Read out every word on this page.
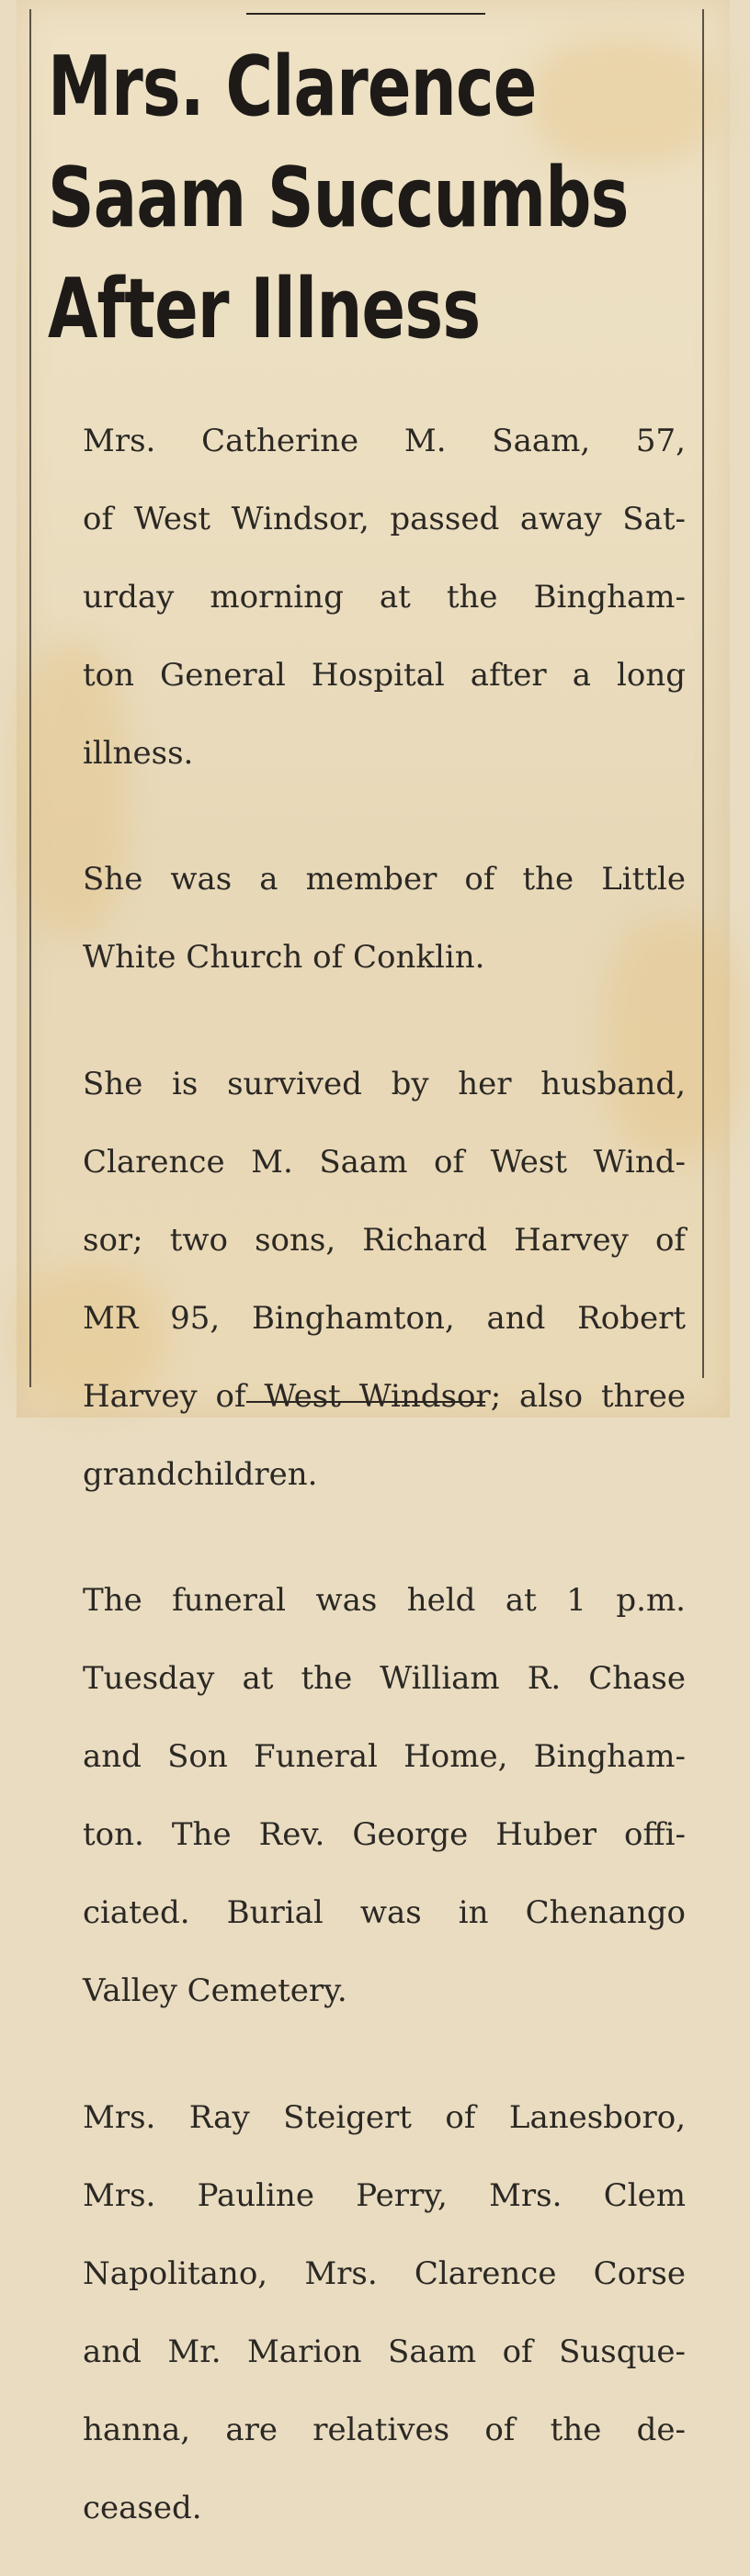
Mrs. Clarence
Saam Succumbs
After Illness

Mrs. Catherine M. Saam, 57,

of West Windsor, passed away Sat-

urday morning at the Bingham-

ton General Hospital after a long

illness.

She was a member of the Little

White Church of Conklin.

She is survived by her husband,

Clarence M. Saam of West Wind-

sor; two sons, Richard Harvey of

MR 95, Binghamton, and Robert

Harvey of West Windsor; also three

grandchildren.

The funeral was held at 1 p.m.

Tuesday at the William R. Chase

and Son Funeral Home, Bingham-

ton. The Rev. George Huber offi-

ciated. Burial was in Chenango

Valley Cemetery.

Mrs. Ray Steigert of Lanesboro,

Mrs. Pauline Perry, Mrs. Clem

Napolitano, Mrs. Clarence Corse

and Mr. Marion Saam of Susque-

hanna, are relatives of the de-

ceased.
